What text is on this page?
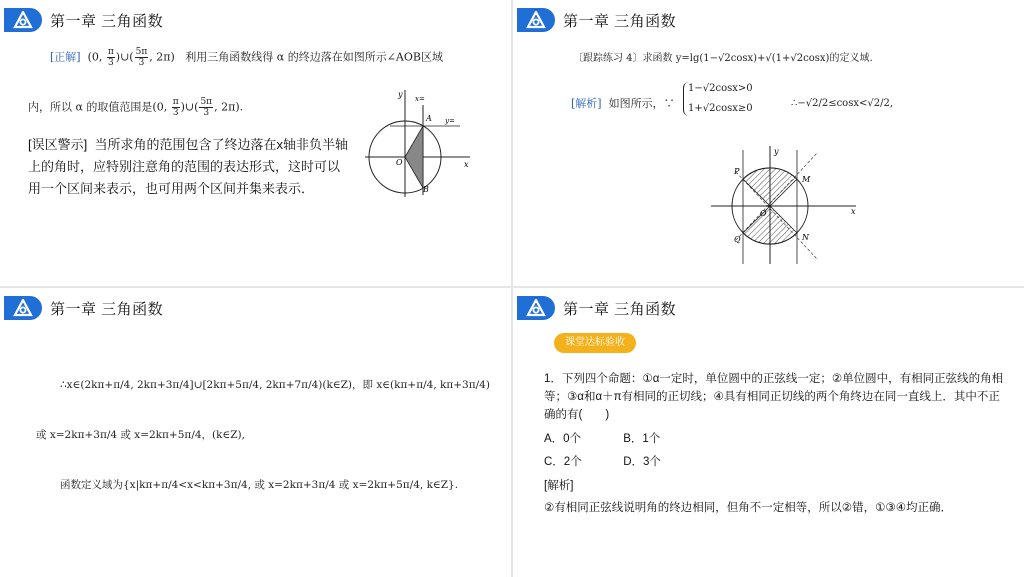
第一章 三角函数
[正解]  (0, $\frac{\pi}{3}$ )∪( $\frac{5\pi}{3}$ , 2π)   利用三角函数线得 α 的终边落在如图所示∠AOB区域
内，所以 α 的取值范围是(0, $\frac{\pi}{3}$ )∪( $\frac{5\pi}{3}$ , 2π).
[误区警示] 当所求角的范围包含了终边落在x轴非负半轴上的角时，应特别注意角的范围的表达形式，这时可以用一个区间来表示，也可用两个区间并集来表示．
y
x
O
A
B
x=
y=
第一章 三角函数
〔跟踪练习 4〕求函数 y=lg(1−√2cosx)+√(1+√2cosx)的定义域.
[解析] 如图所示，∵
1−√2cosx>0
1+√2cosx≥0	∴−√2/2≤cosx<√2/2,
y
x
O
P
Q
M
N
第一章 三角函数
∴x∈(2kπ+π/4, 2kπ+3π/4]∪[2kπ+5π/4, 2kπ+7π/4)(k∈Z)，即 x∈(kπ+π/4, kπ+3π/4)
或 x=2kπ+3π/4 或 x=2kπ+5π/4，(k∈Z),
函数定义域为{x|kπ+π/4<x<kπ+3π/4, 或 x=2kπ+3π/4 或 x=2kπ+5π/4, k∈Z}.
第一章 三角函数
课堂达标验收
1．下列四个命题：①α一定时，单位圆中的正弦线一定；②单位圆中，有相同正弦线的角相等；③α和α＋π有相同的正切线；④具有相同正切线的两个角终边在同一直线上．其中不正确的有(　　)
A．0个	B．1个
C．2个	D．3个
[解析]
②有相同正弦线说明角的终边相同，但角不一定相等，所以②错，①③④均正确．
